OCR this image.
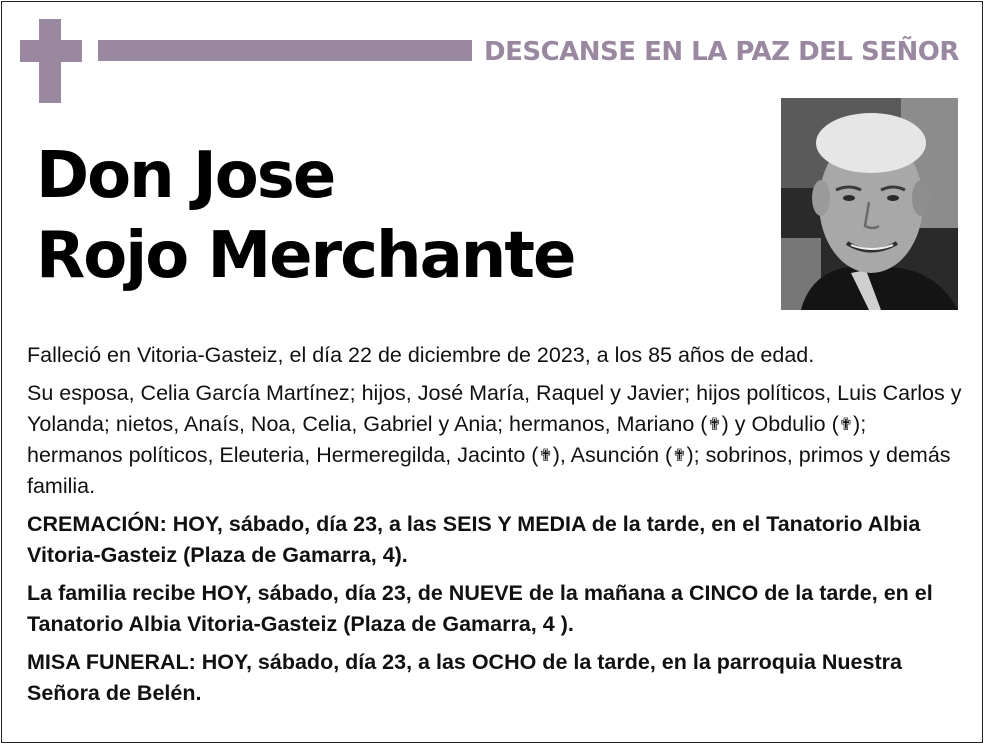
DESCANSE EN LA PAZ DEL SEÑOR
Don Jose
Rojo Merchante

Falleció en Vitoria-Gasteiz, el día 22 de diciembre de 2023, a los 85 años de edad.

Su esposa, Celia García Martínez; hijos, José María, Raquel y Javier; hijos políticos, Luis Carlos y Yolanda; nietos, Anaís, Noa, Celia, Gabriel y Ania; hermanos, Mariano (✟) y Obdulio (✟); hermanos políticos, Eleuteria, Hermeregilda, Jacinto (✟), Asunción (✟); sobrinos, primos y demás familia.

CREMACIÓN: HOY, sábado, día 23, a las SEIS Y MEDIA de la tarde, en el Tanatorio Albia Vitoria-Gasteiz (Plaza de Gamarra, 4).

La familia recibe HOY, sábado, día 23, de NUEVE de la mañana a CINCO de la tarde, en el Tanatorio Albia Vitoria-Gasteiz (Plaza de Gamarra, 4 ).

MISA FUNERAL: HOY, sábado, día 23, a las OCHO de la tarde, en la parroquia Nuestra Señora de Belén.
